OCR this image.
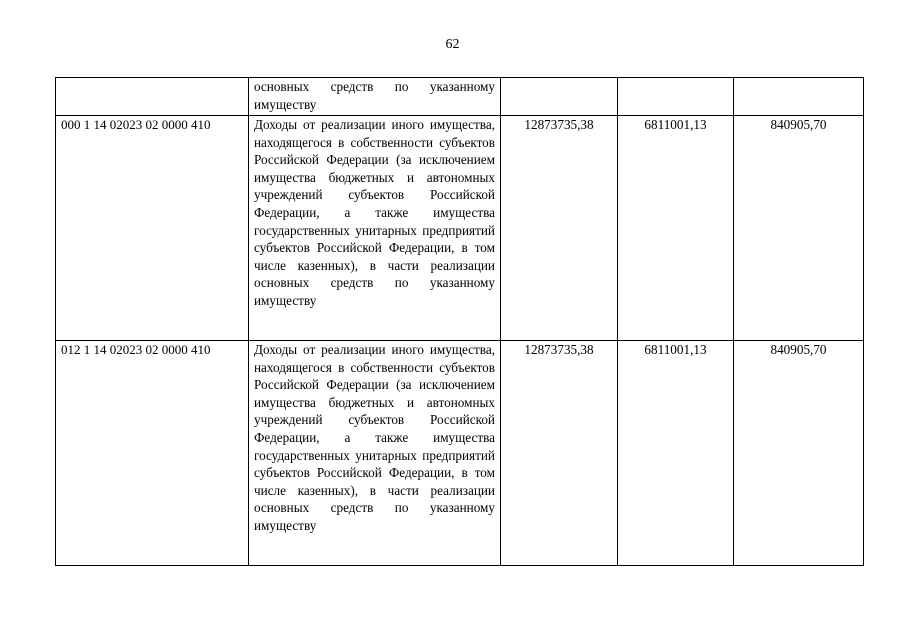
62
	основных средств по указанному имуществу			
000 1 14 02023 02 0000 410	Доходы от реализации иного имущества, находящегося в собственности субъектов Российской Федерации (за исключением имущества бюджетных и автономных учреждений субъектов Российской Федерации, а также имущества государственных унитарных предприятий субъектов Российской Федерации, в том числе казенных), в части реализации основных средств по указанному имуществу	12873735,38	6811001,13	840905,70
012 1 14 02023 02 0000 410	Доходы от реализации иного имущества, находящегося в собственности субъектов Российской Федерации (за исключением имущества бюджетных и автономных учреждений субъектов Российской Федерации, а также имущества государственных унитарных предприятий субъектов Российской Федерации, в том числе казенных), в части реализации основных средств по указанному имуществу	12873735,38	6811001,13	840905,70
